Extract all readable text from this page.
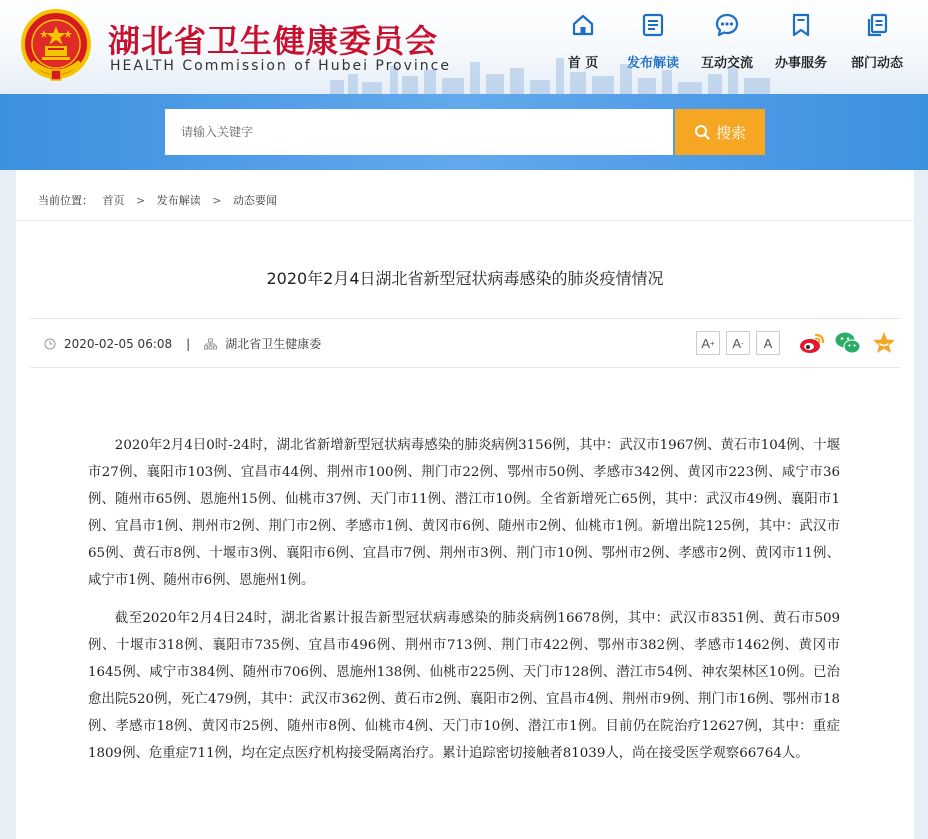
湖北省卫生健康委员会
HEALTH Commission of Hubei Province	首 页	发布解读	互动交流	办事服务	部门动态
请输入关键字
搜索
当前位置： 首页 > 发布解读 > 动态要闻
2020年2月4日湖北省新型冠状病毒感染的肺炎疫情情况
2020-02-05 06:08 |	湖北省卫生健康委	A + A - A

2020年2月4日0时-24时，湖北省新增新型冠状病毒感染的肺炎病例3156例，其中：武汉市1967例、黄石市104例、十堰市27例、襄阳市103例、宜昌市44例、荆州市100例、荆门市22例、鄂州市50例、孝感市342例、黄冈市223例、咸宁市36例、随州市65例、恩施州15例、仙桃市37例、天门市11例、潜江市10例。全省新增死亡65例，其中：武汉市49例、襄阳市1例、宜昌市1例、荆州市2例、荆门市2例、孝感市1例、黄冈市6例、随州市2例、仙桃市1例。新增出院125例，其中：武汉市65例、黄石市8例、十堰市3例、襄阳市6例、宜昌市7例、荆州市3例、荆门市10例、鄂州市2例、孝感市2例、黄冈市11例、咸宁市1例、随州市6例、恩施州1例。

截至2020年2月4日24时，湖北省累计报告新型冠状病毒感染的肺炎病例16678例，其中：武汉市8351例、黄石市509例、十堰市318例、襄阳市735例、宜昌市496例、荆州市713例、荆门市422例、鄂州市382例、孝感市1462例、黄冈市1645例、咸宁市384例、随州市706例、恩施州138例、仙桃市225例、天门市128例、潜江市54例、神农架林区10例。已治愈出院520例，死亡479例，其中：武汉市362例、黄石市2例、襄阳市2例、宜昌市4例、荆州市9例、荆门市16例、鄂州市18例、孝感市18例、黄冈市25例、随州市8例、仙桃市4例、天门市10例、潜江市1例。目前仍在院治疗12627例，其中：重症1809例、危重症711例，均在定点医疗机构接受隔离治疗。累计追踪密切接触者81039人，尚在接受医学观察66764人。
